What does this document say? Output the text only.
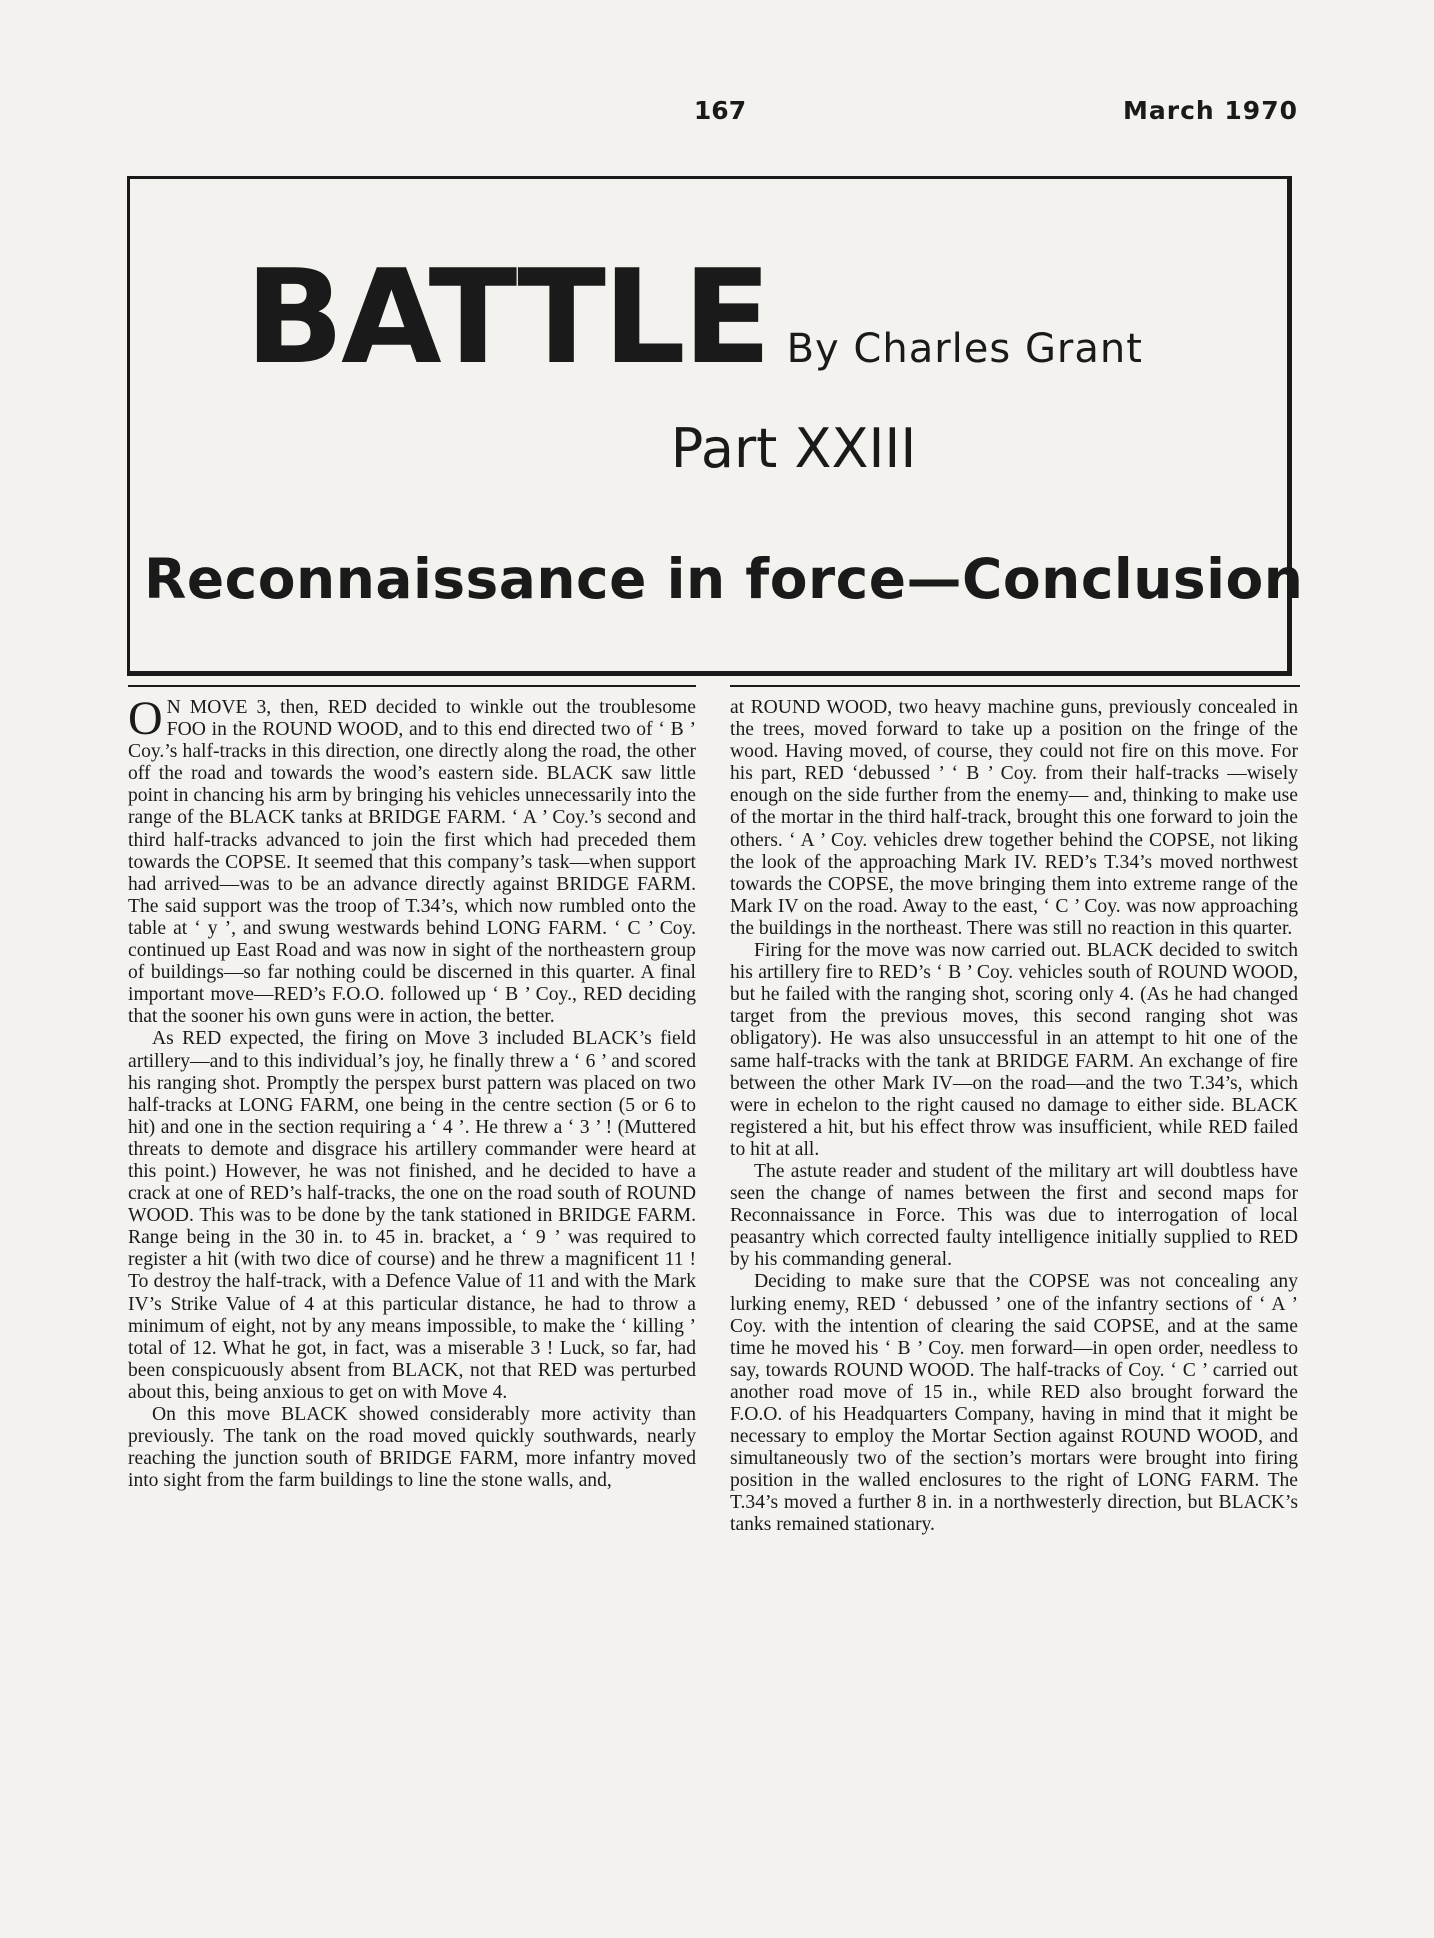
167	March 1970
BATTLE By Charles Grant
Part XXIII
Reconnaissance in force—Conclusion

O N MOVE 3, then, RED decided to winkle out the troublesome FOO in the ROUND WOOD, and to this end directed two of ‘ B ’ Coy.’s half-tracks in this direction, one directly along the road, the other off the road and towards the wood’s eastern side. BLACK saw little point in chancing his arm by bringing his vehicles unnecessarily into the range of the BLACK tanks at BRIDGE FARM. ‘ A ’ Coy.’s second and third half-tracks advanced to join the first which had preceded them towards the COPSE. It seemed that this company’s task—when support had arrived—was to be an advance directly against BRIDGE FARM. The said support was the troop of T.34’s, which now rumbled onto the table at ‘ y ’, and swung westwards behind LONG FARM. ‘ C ’ Coy. continued up East Road and was now in sight of the northeastern group of buildings—so far nothing could be discerned in this quarter. A final important move—RED’s F.O.O. followed up ‘ B ’ Coy., RED deciding that the sooner his own guns were in action, the better.

As RED expected, the firing on Move 3 included BLACK’s field artillery—and to this individual’s joy, he finally threw a ‘ 6 ’ and scored his ranging shot. Promptly the perspex burst pattern was placed on two half-tracks at LONG FARM, one being in the centre section (5 or 6 to hit) and one in the section requiring a ‘ 4 ’. He threw a ‘ 3 ’ ! (Muttered threats to demote and disgrace his artillery commander were heard at this point.) However, he was not finished, and he decided to have a crack at one of RED’s half-tracks, the one on the road south of ROUND WOOD. This was to be done by the tank stationed in BRIDGE FARM. Range being in the 30 in. to 45 in. bracket, a ‘ 9 ’ was required to register a hit (with two dice of course) and he threw a magnificent 11 ! To destroy the half-track, with a Defence Value of 11 and with the Mark IV’s Strike Value of 4 at this particular distance, he had to throw a minimum of eight, not by any means impossible, to make the ‘ killing ’ total of 12. What he got, in fact, was a miserable 3 ! Luck, so far, had been conspicuously absent from BLACK, not that RED was perturbed about this, being anxious to get on with Move 4.

On this move BLACK showed considerably more activity than previously. The tank on the road moved quickly southwards, nearly reaching the junction south of BRIDGE FARM, more infantry moved into sight from the farm buildings to line the stone walls, and,

at ROUND WOOD, two heavy machine guns, previously concealed in the trees, moved forward to take up a position on the fringe of the wood. Having moved, of course, they could not fire on this move. For his part, RED ‘debussed ’ ‘ B ’ Coy. from their half-tracks —wisely enough on the side further from the enemy— and, thinking to make use of the mortar in the third half-track, brought this one forward to join the others. ‘ A ’ Coy. vehicles drew together behind the COPSE, not liking the look of the approaching Mark IV. RED’s T.34’s moved northwest towards the COPSE, the move bringing them into extreme range of the Mark IV on the road. Away to the east, ‘ C ’ Coy. was now approaching the buildings in the northeast. There was still no reaction in this quarter.

Firing for the move was now carried out. BLACK decided to switch his artillery fire to RED’s ‘ B ’ Coy. vehicles south of ROUND WOOD, but he failed with the ranging shot, scoring only 4. (As he had changed target from the previous moves, this second ranging shot was obligatory). He was also unsuccessful in an attempt to hit one of the same half-tracks with the tank at BRIDGE FARM. An exchange of fire between the other Mark IV—on the road—and the two T.34’s, which were in echelon to the right caused no damage to either side. BLACK registered a hit, but his effect throw was insufficient, while RED failed to hit at all.

The astute reader and student of the military art will doubtless have seen the change of names between the first and second maps for Reconnaissance in Force. This was due to interrogation of local peasantry which corrected faulty intelligence initially supplied to RED by his commanding general.

Deciding to make sure that the COPSE was not concealing any lurking enemy, RED ‘ debussed ’ one of the infantry sections of ‘ A ’ Coy. with the intention of clearing the said COPSE, and at the same time he moved his ‘ B ’ Coy. men forward—in open order, needless to say, towards ROUND WOOD. The half-tracks of Coy. ‘ C ’ carried out another road move of 15 in., while RED also brought forward the F.O.O. of his Headquarters Company, having in mind that it might be necessary to employ the Mortar Section against ROUND WOOD, and simultaneously two of the section’s mortars were brought into firing position in the walled enclosures to the right of LONG FARM. The T.34’s moved a further 8 in. in a northwesterly direction, but BLACK’s tanks remained stationary.
